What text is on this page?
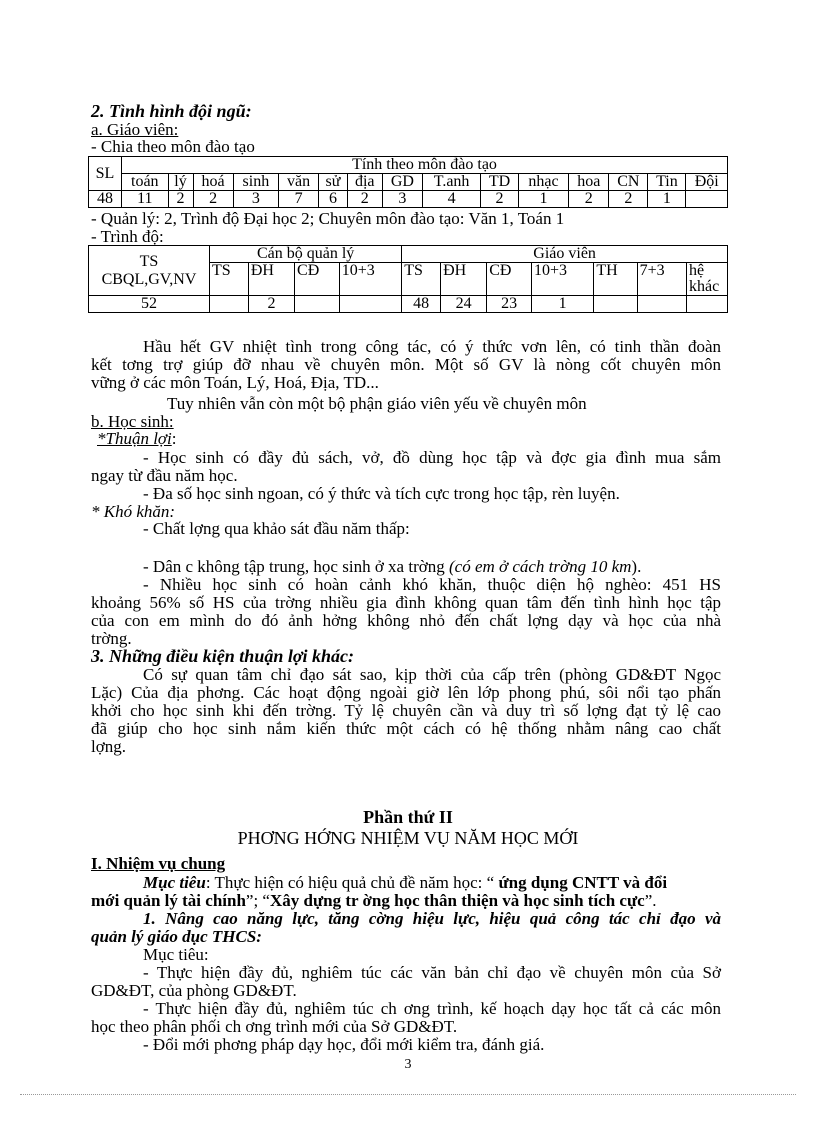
2. Tình hình đội ngũ:
a. Giáo viên:
- Chia theo môn đào tạo
SL	Tính theo môn đào tạo														
	toán	lý	hoá	sinh	văn	sử	địa	GD	T.anh	TD	nhạc	hoa	CN	Tin	Đội
48	11	2	2	3	7	6	2	3	4	2	1	2	2	1	
- Quản lý: 2, Trình độ Đại học 2; Chuyên môn đào tạo: Văn 1, Toán 1
- Trình độ:
TS CBQL,GV,NV	Cán bộ quản lý				Giáo viên						
	TS	ĐH	CĐ	10+3	TS	ĐH	CĐ	10+3	TH	7+3	hệ khác
52		2			48	24	23	1			
Hầu hết GV nhiệt tình trong công tác, có ý thức vơn lên, có tinh thần đoàn
kết tơng trợ giúp đỡ nhau về chuyên môn. Một số GV là nòng cốt chuyên môn
vững ở các môn Toán, Lý, Hoá, Địa, TD...
Tuy nhiên vẫn còn một bộ phận giáo viên yếu về chuyên môn
b. Học sinh:
*Thuận lợi:
- Học sinh có đầy đủ sách, vở, đồ dùng học tập và đợc gia đình mua sắm
ngay từ đầu năm học.
- Đa số học sinh ngoan, có ý thức và tích cực trong học tập, rèn luyện.
* Khó khăn:
- Chất lợng qua khảo sát đầu năm thấp:
- Dân c không tập trung, học sinh ở xa trờng (có em ở cách trờng 10 km).
- Nhiều học sinh có hoàn cảnh khó khăn, thuộc diện hộ nghèo: 451 HS
khoảng 56% số HS của trờng nhiều gia đình không quan tâm đến tình hình học tập
của con em mình do đó ảnh hởng không nhỏ đến chất lợng dạy và học của nhà
trờng.
3. Những điều kiện thuận lợi khác:
Có sự quan tâm chỉ đạo sát sao, kịp thời của cấp trên (phòng GD&ĐT Ngọc
Lặc) Của địa phơng. Các hoạt động ngoài giờ lên lớp phong phú, sôi nổi tạo phấn
khởi cho học sinh khi đến trờng. Tỷ lệ chuyên cần và duy trì số lợng đạt tỷ lệ cao
đã giúp cho học sinh nắm kiến thức một cách có hệ thống nhằm nâng cao chất
lợng.
Phần thứ II
PHƠNG HỚNG NHIỆM VỤ NĂM HỌC MỚI
I. Nhiệm vụ chung
Mục tiêu: Thực hiện có hiệu quả chủ đề năm học: “ ứng dụng CNTT và đổi
mới quản lý tài chính”; “Xây dựng tr ờng học thân thiện và học sinh tích cực”.
1. Nâng cao năng lực, tăng cờng hiệu lực, hiệu quả công tác chỉ đạo và
quản lý giáo dục THCS:
Mục tiêu:
- Thực hiện đầy đủ, nghiêm túc các văn bản chỉ đạo về chuyên môn của Sở
GD&ĐT, của phòng GD&ĐT.
- Thực hiện đầy đủ, nghiêm túc ch ơng trình, kế hoạch dạy học tất cả các môn
học theo phân phối ch ơng trình mới của Sở GD&ĐT.
- Đổi mới phơng pháp dạy học, đổi mới kiểm tra, đánh giá.
3
